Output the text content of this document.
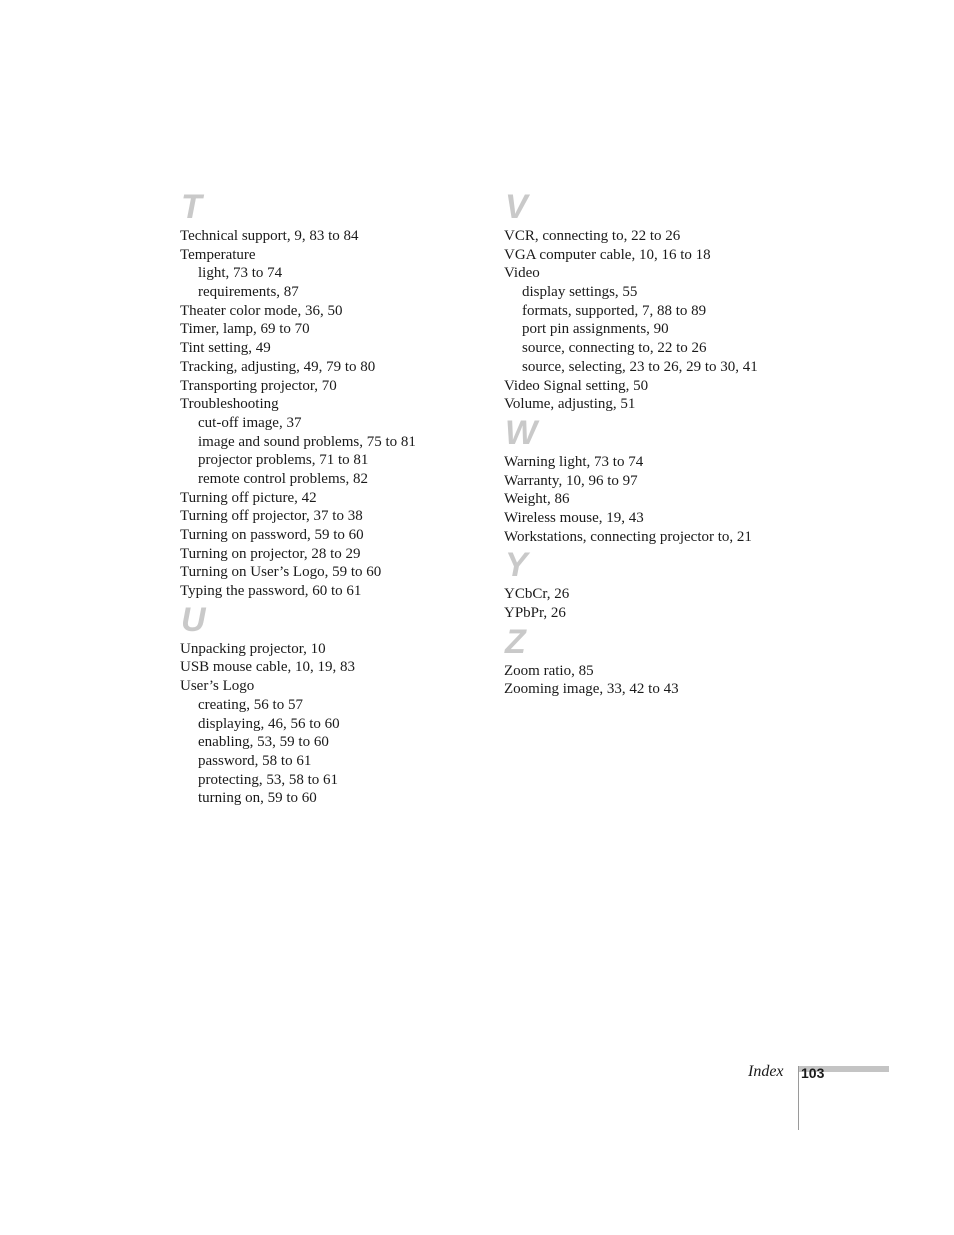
T
Technical support, 9, 83 to 84
Temperature
light, 73 to 74
requirements, 87
Theater color mode, 36, 50
Timer, lamp, 69 to 70
Tint setting, 49
Tracking, adjusting, 49, 79 to 80
Transporting projector, 70
Troubleshooting
cut-off image, 37
image and sound problems, 75 to 81
projector problems, 71 to 81
remote control problems, 82
Turning off picture, 42
Turning off projector, 37 to 38
Turning on password, 59 to 60
Turning on projector, 28 to 29
Turning on User’s Logo, 59 to 60
Typing the password, 60 to 61
U
Unpacking projector, 10
USB mouse cable, 10, 19, 83
User’s Logo
creating, 56 to 57
displaying, 46, 56 to 60
enabling, 53, 59 to 60
password, 58 to 61
protecting, 53, 58 to 61
turning on, 59 to 60
V
VCR, connecting to, 22 to 26
VGA computer cable, 10, 16 to 18
Video
display settings, 55
formats, supported, 7, 88 to 89
port pin assignments, 90
source, connecting to, 22 to 26
source, selecting, 23 to 26, 29 to 30, 41
Video Signal setting, 50
Volume, adjusting, 51
W
Warning light, 73 to 74
Warranty, 10, 96 to 97
Weight, 86
Wireless mouse, 19, 43
Workstations, connecting projector to, 21
Y
YCbCr, 26
YPbPr, 26
Z
Zoom ratio, 85
Zooming image, 33, 42 to 43
Index 103
